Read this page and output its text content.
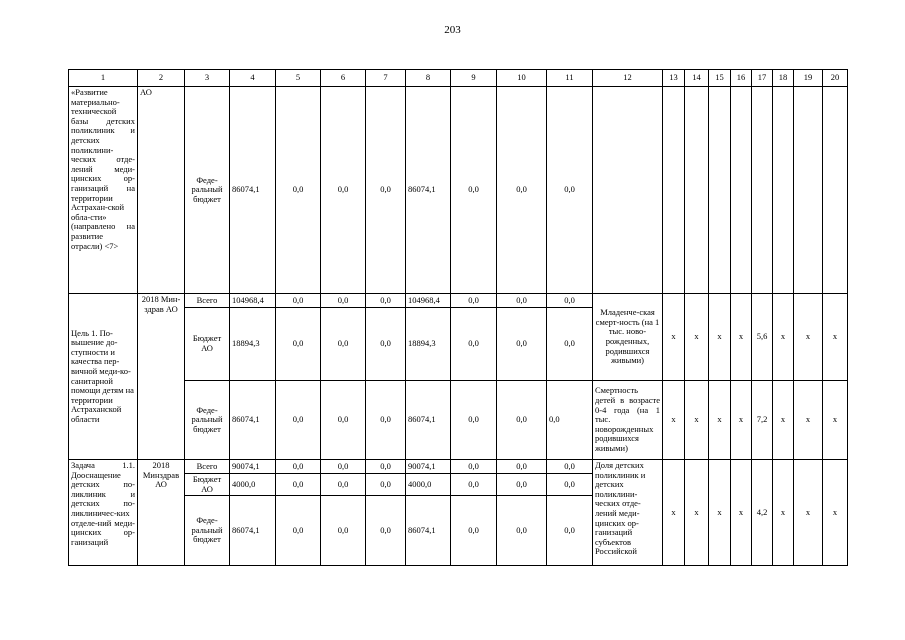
203
1	2	3	4	5	6	7	8	9	10	11	12	13	14	15	16	17	18	19	20
«Развитие материально-технической базы детских поликлиник и детских поликлини-ческих отде-лений меди-цинских ор-ганизаций на территории Астрахан-ской обла-сти» (направлено на развитие отрасли) <7>	АО	Феде-ральный бюджет	86074,1	0,0	0,0	0,0	86074,1	0,0	0,0	0,0									
Цель 1. По-вышение до-ступности и качества пер-вичной меди-ко-санитарной помощи детям на территории Астраханской области	2018 Мин-здрав АО	Всего	104968,4	0,0	0,0	0,0	104968,4	0,0	0,0	0,0	Младенче-ская смерт-ность (на 1 тыс. ново-рожденных, родившихся живыми)	х	х	х	х	5,6	х	х	х
		Бюджет АО	18894,3	0,0	0,0	0,0	18894,3	0,0	0,0	0,0									
		Феде-ральный бюджет	86074,1	0,0	0,0	0,0	86074,1	0,0	0,0	0,0	Смертность детей в возрасте 0-4 года (на 1 тыс. новорожденных родившихся живыми)	х	х	х	х	7,2	х	х	х
Задача 1.1. Дооснащение детских по-ликлиник и детских по-ликлиничес-ких отделе-ний меди-цинских ор-ганизаций	2018 Минздрав АО	Всего	90074,1	0,0	0,0	0,0	90074,1	0,0	0,0	0,0	Доля детских поликлиник и детских поликлини-ческих отде-лений меди-цинских ор-ганизаций субъектов Российской	х	х	х	х	4,2	х	х	х
		Бюджет АО	4000,0	0,0	0,0	0,0	4000,0	0,0	0,0	0,0									
		Феде-ральный бюджет	86074,1	0,0	0,0	0,0	86074,1	0,0	0,0	0,0									
